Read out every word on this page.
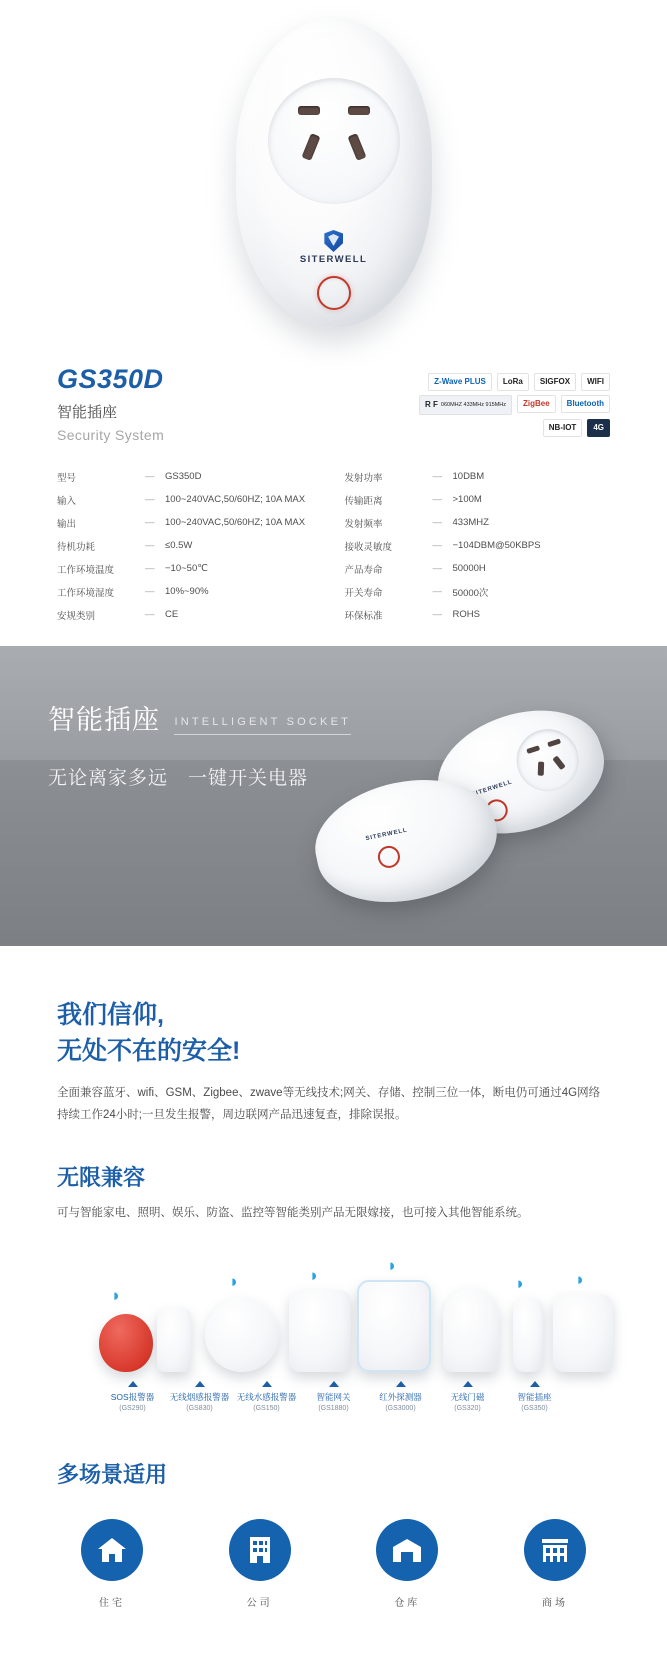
SITERWELL
GS350D
智能插座
Security System
Z-Wave PLUS LoRa SIGFOX WIFI
R F 060MHZ 433MHz 915MHz ZigBee Bluetooth
NB-IOT 4G
型号	—	GS350D	发射功率	—	10DBM
输入	—	100~240VAC,50/60HZ; 10A MAX	传输距离	—	>100M
输出	—	100~240VAC,50/60HZ; 10A MAX	发射频率	—	433MHZ
待机功耗	—	≤0.5W	接收灵敏度	—	−104DBM@50KBPS
工作环境温度	—	−10~50℃	产品寿命	—	50000H
工作环境湿度	—	10%~90%	开关寿命	—	50000次
安规类别	—	CE	环保标准	—	ROHS
智能插座 INTELLIGENT SOCKET
无论离家多远　一键开关电器	SITERWELL
SITERWELL
我们信仰,
无处不在的安全!

全面兼容蓝牙、wifi、GSM、Zigbee、zwave等无线技术;网关、存储、控制三位一体，断电仍可通过4G网络持续工作24小时;一旦发生报警，周边联网产品迅速复查，排除误报。

无限兼容

可与智能家电、照明、娱乐、防盗、监控等智能类别产品无限嫁接，也可接入其他智能系统。

◗
◗	◗
◗
◗	◗
SOS报警器
(GS290)
无线烟感报警器
(GS830)
无线水感报警器
(GS150)
智能网关
(GS1880)
红外探测器
(GS3000)
无线门磁
(GS320)
智能插座
(GS350)
多场景适用
住宅	公司	仓库	商场
